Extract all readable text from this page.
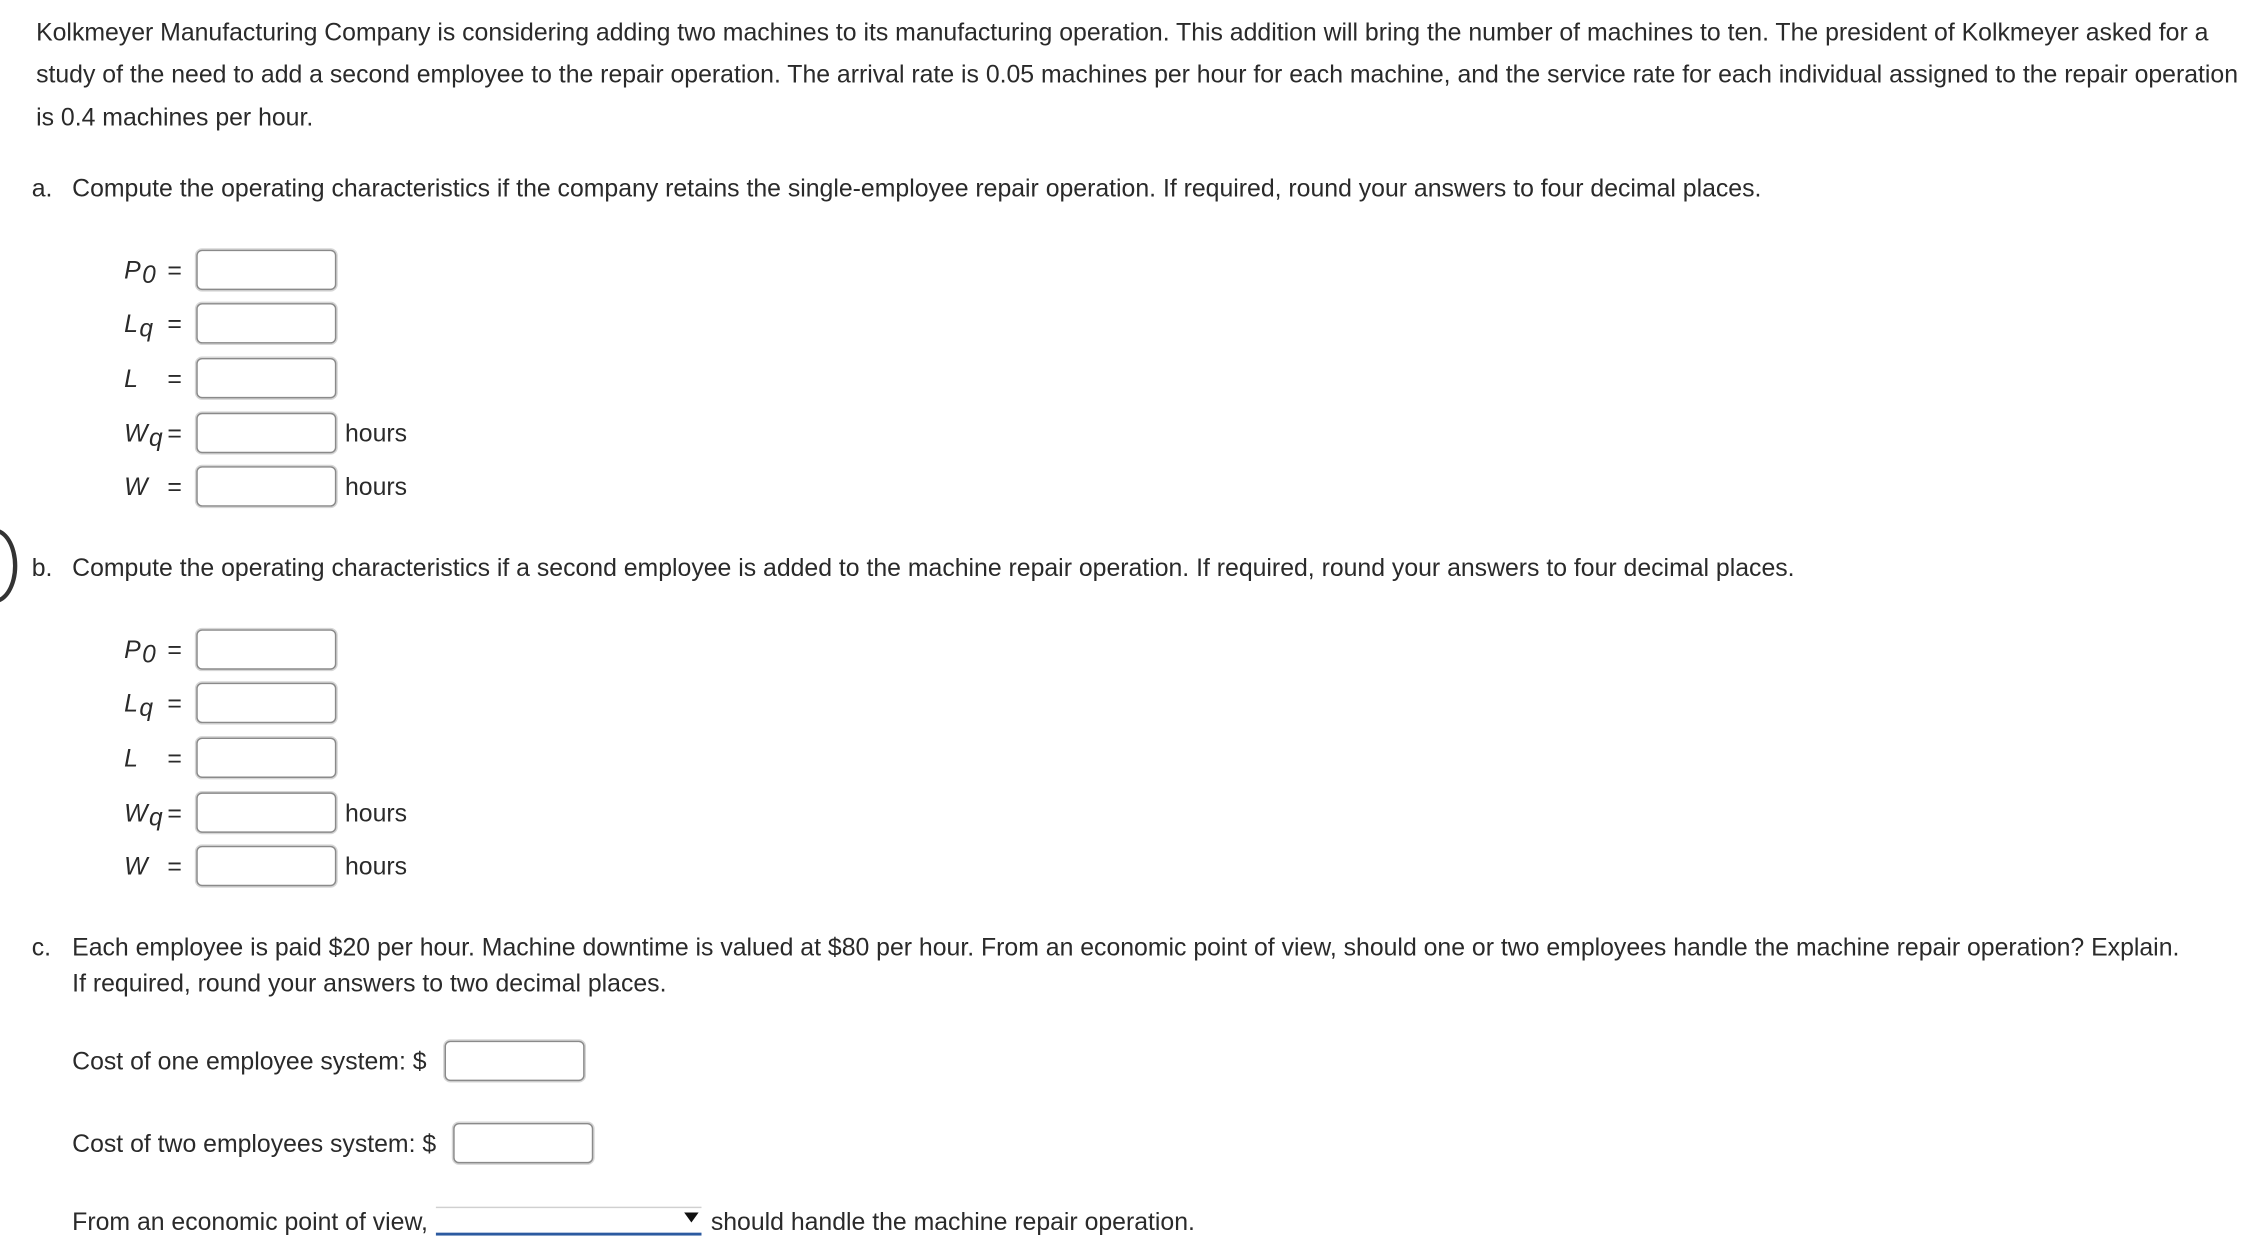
Kolkmeyer Manufacturing Company is considering adding two machines to its manufacturing operation. This addition will bring the number of machines to ten. The president of Kolkmeyer asked for a study of the need to add a second employee to the repair operation. The arrival rate is 0.05 machines per hour for each machine, and the service rate for each individual assigned to the repair operation is 0.4 machines per hour.

a.	Compute the operating characteristics if the company retains the single-employee repair operation. If required, round your answers to four decimal places.
$P_0$ =
$L_q$ =
L	=
$W_q$ =	hours
W	=	hours
b.	Compute the operating characteristics if a second employee is added to the machine repair operation. If required, round your answers to four decimal places.
$P_0$ =
$L_q$ =
L	=
$W_q$ =	hours
W	=	hours
c.	Each employee is paid $20 per hour. Machine downtime is valued at $80 per hour. From an economic point of view, should one or two employees handle the machine repair operation? Explain. If required, round your answers to two decimal places.
Cost of one employee system: $
Cost of two employees system: $
From an economic point of view,	should handle the machine repair operation.
